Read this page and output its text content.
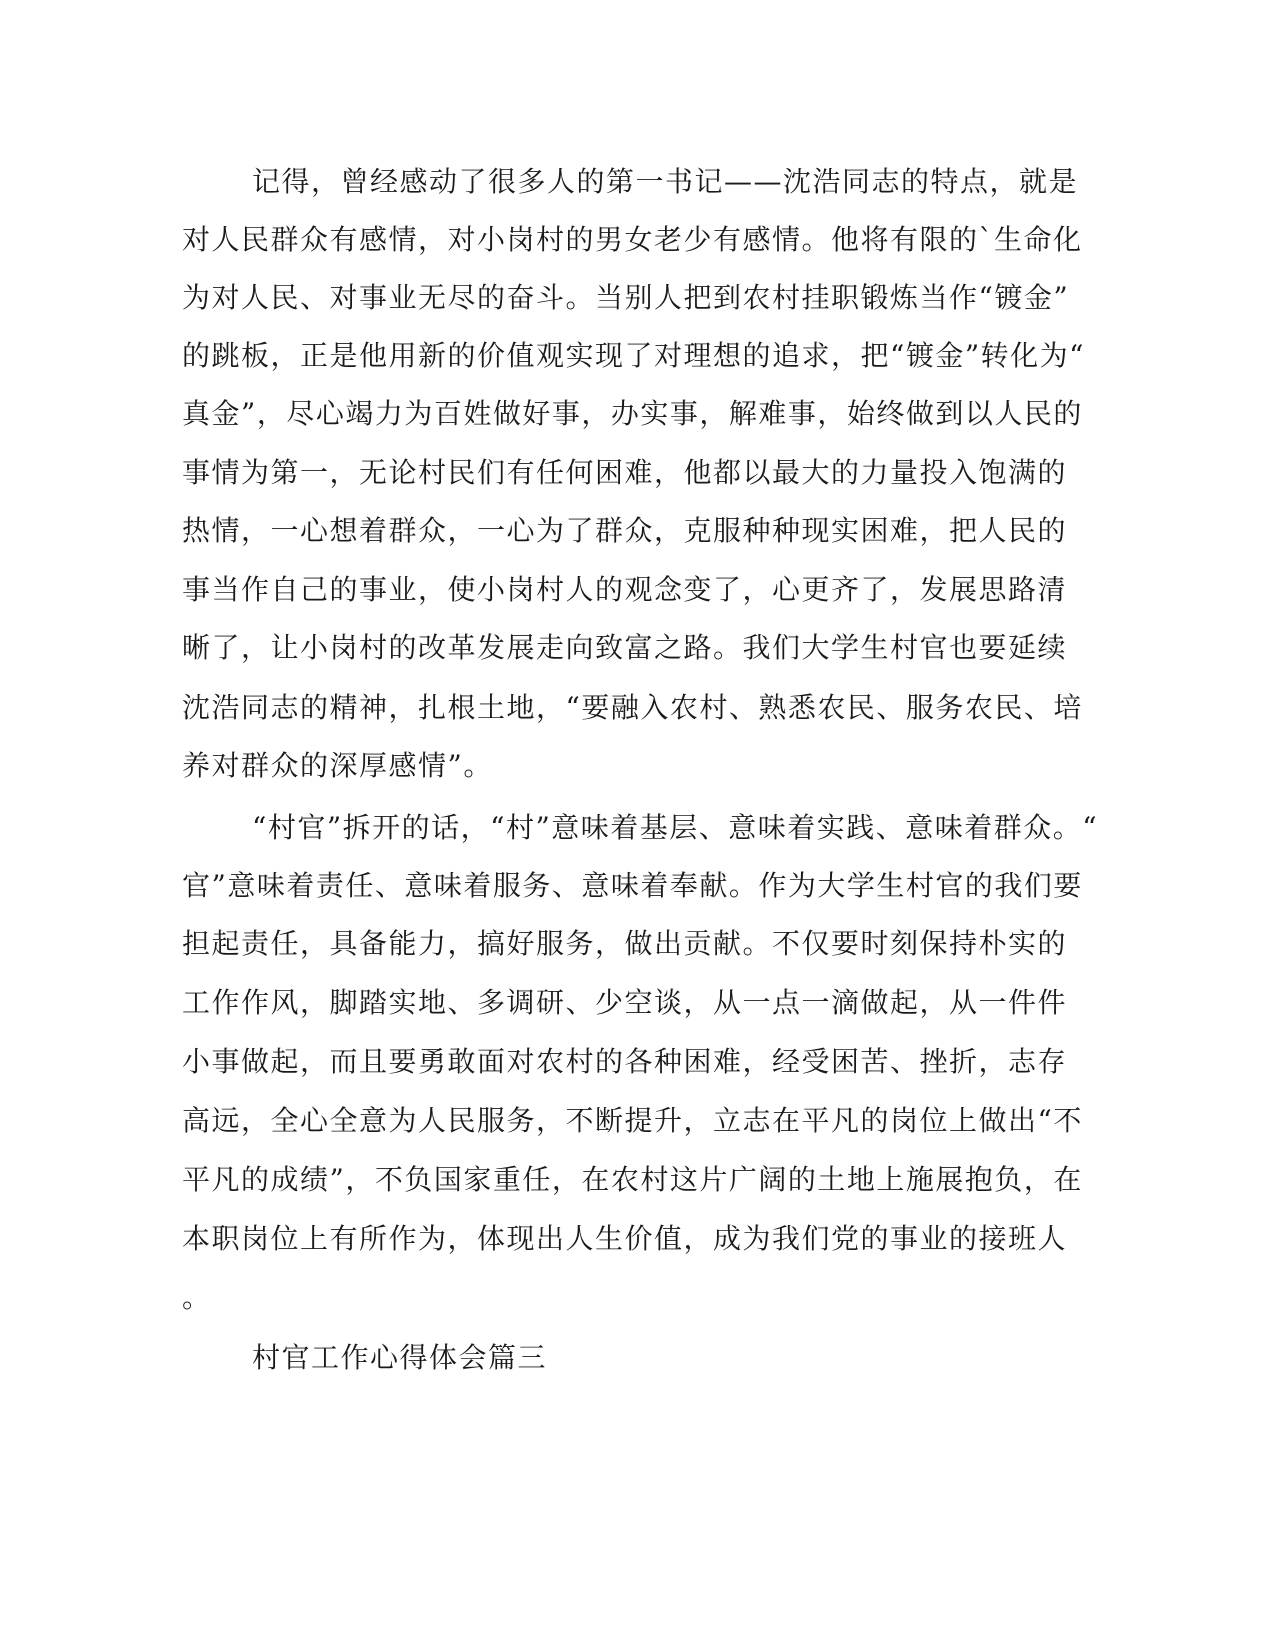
记得，曾经感动了很多人的第一书记——沈浩同志的特点，就是
对人民群众有感情，对小岗村的男女老少有感情。他将有限的`生命化
为对人民、对事业无尽的奋斗。当别人把到农村挂职锻炼当作“镀金”
的跳板，正是他用新的价值观实现了对理想的追求，把“镀金”转化为“
真金”，尽心竭力为百姓做好事，办实事，解难事，始终做到以人民的
事情为第一，无论村民们有任何困难，他都以最大的力量投入饱满的
热情，一心想着群众，一心为了群众，克服种种现实困难，把人民的
事当作自己的事业，使小岗村人的观念变了，心更齐了，发展思路清
晰了，让小岗村的改革发展走向致富之路。我们大学生村官也要延续
沈浩同志的精神，扎根土地，“要融入农村、熟悉农民、服务农民、培
养对群众的深厚感情”。
“村官”拆开的话，“村”意味着基层、意味着实践、意味着群众。“
官”意味着责任、意味着服务、意味着奉献。作为大学生村官的我们要
担起责任，具备能力，搞好服务，做出贡献。不仅要时刻保持朴实的
工作作风，脚踏实地、多调研、少空谈，从一点一滴做起，从一件件
小事做起，而且要勇敢面对农村的各种困难，经受困苦、挫折，志存
高远，全心全意为人民服务，不断提升，立志在平凡的岗位上做出“不
平凡的成绩”，不负国家重任，在农村这片广阔的土地上施展抱负，在
本职岗位上有所作为，体现出人生价值，成为我们党的事业的接班人
。
村官工作心得体会篇三
